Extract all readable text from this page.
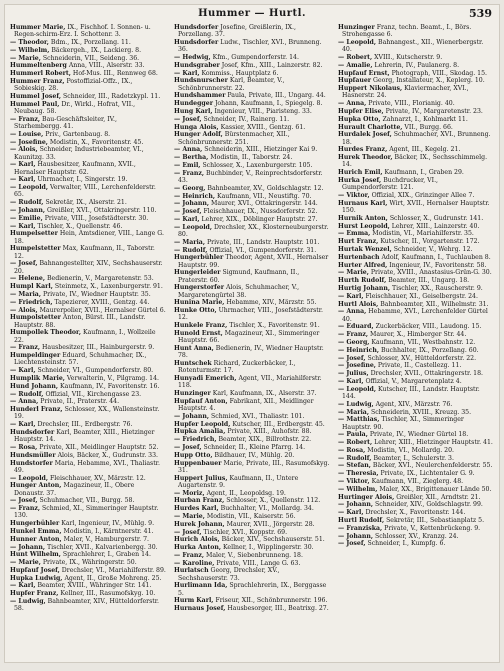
Hummer — Hurtl.	539
Hummer Marie, IX., Fischhof. I. Sonnen- u. Regen-schirm-Erz. I. Schottenr. 3.
— Theodor, Bdm., IX., Porzellang. 11.
— Wilhelm, Bäckergeh., IX., Lackierg. 8.
— Marie, Schneiderin, VII., Seideng. 36.
Hummeltenberg Anna, VIII., Alserstr. 33.
Hummerl Robert, Hof-Mus. III., Rennweg 68.
Hummer Franz, Postoffizial-Offz., IX., Sobieskig. 28.
Hummel Josef, Schneider, III., Radetzkypl. 11.
Hummel Paul, Dr., Wirkl., Hofrat, VII., Neubaug. 58.
— Franz, Bau-Geschäftsleiter, IV., Starhembergg. 41.
— Louise, Priv., Gartenbaug. 8.
— Josefine, Modistin, X., Favoritenstr. 45.
— Alois, Schneider, Industriebeamter, VI., Kaunitzg. 33.
— Karl, Hausbesitzer, Kaufmann, XVII., Hernalser Hauptstr. 62.
— Karl, Uhrmacher, I., Singerstr. 19.
— Leopold, Verwalter, VIII., Lerchenfelderstr. 65.
— Rudolf, Sekretär, IX., Alserstr. 21.
— Johann, Greißler, XVI., Ottakringerstr. 110.
— Emilie, Private, VIII., Josefstädterstr. 30.
— Karl, Tischler, X., Quellenstr. 46.
Humpelsetter Hein, Amtsdiener, VIII., Lange G. 18.
Humpelstetter Max, Kaufmann, II., Taborstr. 12.
— Josef, Bahnangestellter, XIV., Sechshauserstr. 20.
— Helene, Bedienerin, V., Margaretenstr. 53.
Humpl Karl, Steinmetz, X., Laxenburgerstr. 91.
— Maria, Private, IV., Wiedner Hauptstr. 35.
— Friedrich, Tapezierer, XVIII., Gentzg. 44.
— Alois, Maurerpolier, XVII., Hernalser Gürtel 6.
Humpolstetter Anton, Bürst. III., Landstr. Hauptstr. 88.
Humpollek Theodor, Kaufmann, I., Wollzeile 22.
— Franz, Hausbesitzer, III., Hainburgerstr. 9.
Humpeldinger Eduard, Schuhmacher, IX., Liechtensteinstr. 57.
— Karl, Schneider, VI., Gumpendorferstr. 80.
Humplik Marie, Verwalterin, V., Pilgramg. 14.
Hund Johann, Kaufmann, IV., Favoritenstr. 16.
— Rudolf, Offizial, VII., Kirchengasse 23.
— Anna, Private, II., Praterstr. 44.
Hunderl Franz, Schlosser, XX., Wallensteinstr. 19.
— Karl, Drechsler, III., Erdbergstr. 76.
Hundsdorfer Karl, Beamter, XIII., Hietzinger Hauptstr. 14.
— Rosa, Private, XII., Meidlinger Hauptstr. 52.
Hundsmüller Alois, Bäcker, X., Gudrunstr. 33.
Hundstorfer Maria, Hebamme, XVI., Thaliastr. 49.
— Leopold, Fleischhauer, XV., Märzstr. 12.
Hunger Anton, Magazineur, II., Obere Donaustr. 37.
— Josef, Schuhmacher, VII., Burgg. 58.
— Franz, Schmied, XI., Simmeringer Hauptstr. 130.
Hungerbühler Karl, Ingenieur, IV., Mühlg. 9.
Hunkel Emma, Modistin, I., Kärntnerstr. 41.
Hunner Anton, Maler, V., Hamburgerstr. 7.
— Johann, Tischler, XVII., Kalvarienbergg. 30.
Hunt Wilhelm, Sprachlehrer, I., Graben 14.
— Marie, Private, IX., Währingerstr. 50.
Hupfauf Josef, Drechsler, VI., Mariahilferstr. 89.
Hupka Ludwig, Agent, II., Große Mohreng. 25.
— Karl, Beamter, XVIII., Währinger Str. 141.
Hupfer Franz, Kellner, III., Rasumofskyg. 10.
— Ludwig, Bahnbeamter, XIV., Hütteldorferstr. 58.
Hundsdorfer Josefine, Greißlerin, IX., Porzellang. 37.
Hundsdorfer Ludw., Tischler, XVI., Brunneng. 36.
— Hedwig, Kfm., Gumpendorferstr. 14.
Hundsgraber Josef, Kfm., XIII., Lainzerstr. 82.
— Karl, Kommiss., Hauptplatz 6.
Hundsnurscher Karl, Beamter, V., Schönbrunnerstr. 22.
Hundshammer Paula, Private, III., Ungarg. 44.
Hundegger Johann, Kaufmann, I., Spiegelg. 8.
Hung Karl, Ingenieur, VIII., Piaristeng. 33.
— Josef, Schneider, IV., Rainerg. 11.
Hunga Alois, Kassier, XVIII., Gentzg. 61.
Hunger Adolf, Bürstenmacher, XII., Schönbrunnerstr. 251.
— Anna, Schneiderin, XIII., Hietzinger Kai 9.
— Bertha, Modistin, II., Taborstr. 24.
— Emil, Schlosser, X., Laxenburgerstr. 105.
— Franz, Buchbinder, V., Reinprechtsdorferstr. 43.
— Georg, Bahnbeamter, XV., Goldschlagstr. 12.
— Heinrich, Kaufmann, VII., Neustiftg. 70.
— Johann, Maurer, XVI., Ottakringerstr. 144.
— Josef, Fleischhauer, IX., Nussdorferstr. 52.
— Karl, Lehrer, XIX., Döblinger Hauptstr. 27.
— Leopold, Drechsler, XX., Klosterneuburgerstr. 80.
— Maria, Private, III., Landstr. Hauptstr. 101.
— Rudolf, Offizial, VI., Gumpendorferstr. 31.
Hungerbühler Theodor, Agent, XVII., Hernalser Hauptstr. 99.
Hungerleider Sigmund, Kaufmann, II., Praterstr. 60.
Hungerstorfer Alois, Schuhmacher, V., Margaretengürtel 38.
Hunina Marie, Hebamme, XIV., Märzstr. 55.
Hunke Otto, Uhrmacher, VIII., Josefstädterstr. 12.
Hunkele Franz, Tischler, X., Favoritenstr. 91.
Hunold Ernst, Magazineur, XI., Simmeringer Hauptstr. 66.
Hunt Anna, Bedienerin, IV., Wiedner Hauptstr. 78.
Huntschek Richard, Zuckerbäcker, I., Rotenturmstr. 17.
Hunyadi Emerich, Agent, VII., Mariahilferstr. 118.
Hunzinger Karl, Kaufmann, IX., Alserstr. 37.
Hupfauf Anton, Fabrikant, XII., Meidlinger Hauptstr. 4.
— Johann, Schmied, XVI., Thaliastr. 101.
Hupfer Leopold, Kutscher, III., Erdbergstr. 45.
Hupka Amalia, Private, XIII., Auhofstr. 88.
— Friedrich, Beamter, XIX., Billrothstr. 22.
— Josef, Schneider, II., Kleine Pfarrg. 14.
Hupp Otto, Bildhauer, IV., Mühlg. 20.
Huppenbauer Marie, Private, III., Rasumofskyg. 31.
Huppert Julius, Kaufmann, II., Untere Augartenstr. 9.
— Moriz, Agent, II., Leopoldsg. 19.
Hurban Franz, Schlosser, X., Quellenstr. 112.
Hurdes Karl, Buchhalter, VI., Mollardg. 34.
— Marie, Modistin, VII., Kaiserstr. 56.
Hurek Johann, Maurer, XVII., Jörgerstr. 28.
— Josef, Tischler, XVI., Koppstr. 69.
Hurich Alois, Bäcker, XIV., Sechshauserstr. 51.
Hurka Anton, Kellner, I., Wipplingerstr. 30.
— Franz, Maler, V., Siebenbrunneng. 18.
— Karoline, Private, VIII., Lange G. 63.
Hurlatsch Georg, Drechsler, XV., Sechshauserstr. 73.
Hurlimann Ida, Sprachlehrerin, IX., Berggasse 5.
Hurm Karl, Friseur, XII., Schönbrunnerstr. 196.
Hurnaus Josef, Hausbesorger, III., Beatrixg. 27.
Hunzinger Franz, techn. Beamt., I., Börs. Strohengasse 6.
— Leopold, Bahnangest., XII., Wienerbergstr. 40.
— Robert, XVIII., Kutscherstr. 9.
— Amalie, Lehrerin, IV., Paulanerg. 8.
Hupfauf Ernst, Photograph, VIII., Skodag. 15.
Hupfauer Georg, Installateur, X., Keplerg. 10.
Huppert Nikolaus, Klaviermacher, XVI., Hasnerstr. 24.
— Anna, Private, VIII., Florianig. 40.
Hupfer Elise, Private, IV., Margaretenstr. 23.
Hupka Otto, Zahnarzt, I., Kohlmarkt 11.
Hurault Charlotte, VII., Burgg. 66.
Hurdalek Josef, Schuhmacher, XVI., Brunneng. 18.
Hurdes Franz, Agent, III., Kegelg. 21.
Hurek Theodor, Bäcker, IX., Sechsschimmelg. 14.
Hurich Emil, Kaufmann, I., Graben 29.
Hurka Josef, Buchdrucker, VI., Gumpendorferstr. 121.
— Viktor, Offizial, XIX., Grinzinger Allee 7.
Hurnaus Karl, Wirt, XVII., Hernalser Hauptstr. 150.
Hurnik Anton, Schlosser, X., Gudrunstr. 141.
Hurst Leopold, Lehrer, XIII., Lainzerstr. 40.
— Emma, Modistin, VI., Mariahilferstr. 35.
Hurt Franz, Kutscher, II., Vorgartenstr. 172.
Hurtak Wenzel, Schneider, V., Wehrg. 12.
Hurtenbach Adolf, Kaufmann, I., Tuchlauben 8.
Hurter Alfred, Ingenieur, IV., Favoritenstr. 58.
— Marie, Private, XVIII., Anastasius-Grün-G. 30.
Hurth Rudolf, Beamter, III., Ungarg. 18.
Hurtig Johann, Tischler, XX., Rauscherstr. 9.
— Karl, Fleischhauer, XI., Geiselbergstr. 24.
Hurtl Alois, Bahnbeamter, XII., Wilhelmstr. 31.
— Anna, Hebamme, XVI., Lerchenfelder Gürtel 40.
— Eduard, Zuckerbäcker, VIII., Laudong. 15.
— Franz, Maurer, X., Himberger Str. 44.
— Georg, Kaufmann, VII., Westbahnstr. 12.
— Heinrich, Buchhalter, IX., Porzellang. 60.
— Josef, Schlosser, XV., Hütteldorferstr. 22.
— Josefine, Private, II., Castellezg. 11.
— Julius, Drechsler, XVII., Ottakringerstr. 18.
— Karl, Offizial, V., Margaretenplatz 4.
— Leopold, Kutscher, III., Landstr. Hauptstr. 144.
— Ludwig, Agent, XIV., Märzstr. 76.
— Maria, Schneiderin, XVIII., Kreuzg. 35.
— Matthias, Tischler, XI., Simmeringer Hauptstr. 90.
— Paula, Private, IV., Wiedner Gürtel 18.
— Robert, Lehrer, XIII., Hietzinger Hauptstr. 41.
— Rosa, Modistin, VI., Mollardg. 20.
— Rudolf, Beamter, I., Schulerstr. 3.
— Stefan, Bäcker, XVI., Neulerchenfelderstr. 55.
— Theresia, Private, IX., Lichtentaler G. 9.
— Viktor, Kaufmann, VII., Zieglerg. 48.
— Wilhelm, Maler, XX., Brigittenauer Lände 50.
Hurtinger Alois, Greißler, XII., Arndtstr. 21.
— Johann, Schneider, XIV., Goldschlagstr. 99.
— Karl, Drechsler, X., Favoritenstr. 144.
Hurtl Rudolf, Sekretär, III., Sebastianplatz 5.
— Franziska, Private, V., Kettenbrückeng. 9.
— Johann, Schlosser, XV., Kranzg. 24.
— Josef, Schneider, I., Kumpfg. 6.
